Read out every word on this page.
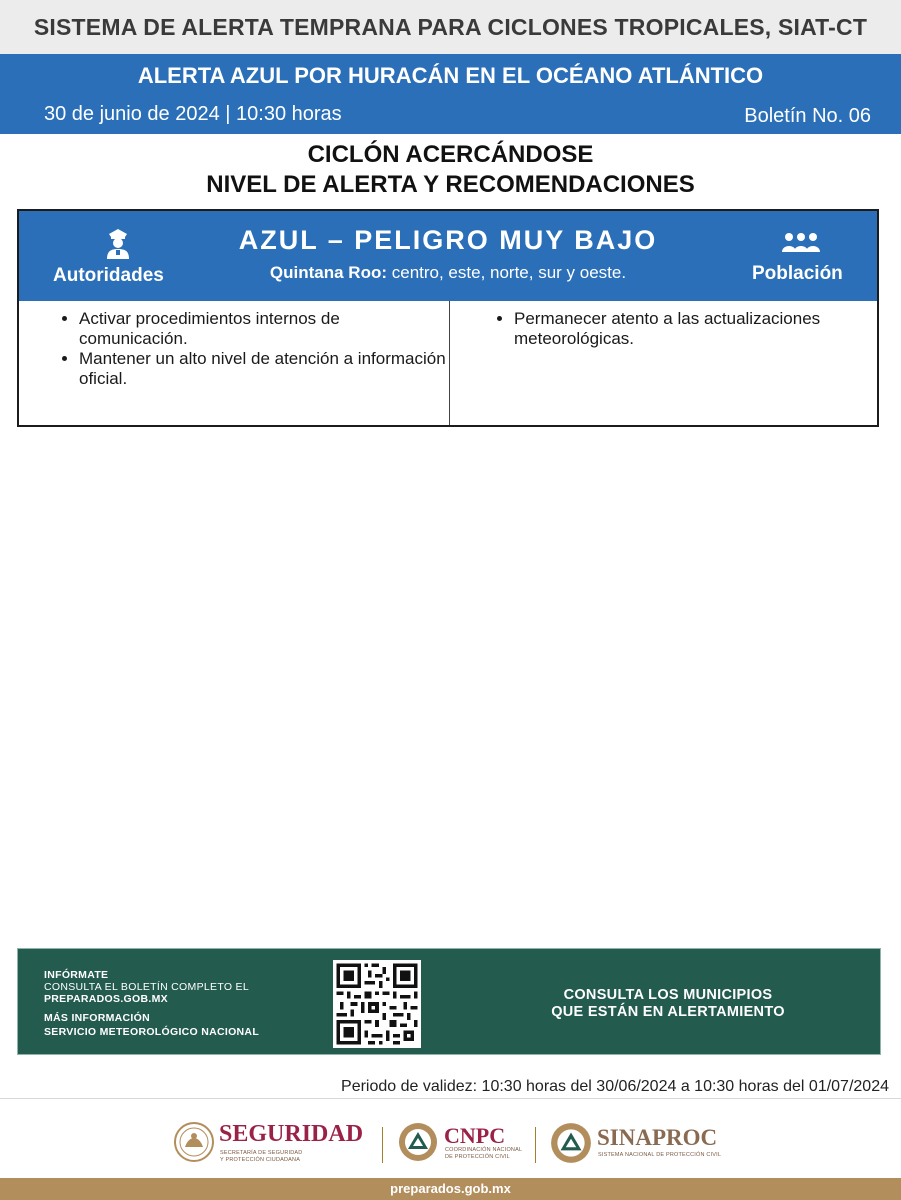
SISTEMA DE ALERTA TEMPRANA PARA CICLONES TROPICALES, SIAT-CT
ALERTA AZUL POR HURACÁN EN EL OCÉANO ATLÁNTICO
30 de junio de 2024 | 10:30 horas	Boletín No. 06
CICLÓN ACERCÁNDOSE
NIVEL DE ALERTA Y RECOMENDACIONES
Autoridades
AZUL – PELIGRO MUY BAJO
Quintana Roo: centro, este, norte, sur y oeste.	Población
• Activar procedimientos internos de comunicación.
• Mantener un alto nivel de atención a información oficial.
• Permanecer atento a las actualizaciones meteorológicas.
INFÓRMATE
CONSULTA EL BOLETÍN COMPLETO EL
PREPARADOS.GOB.MX
MÁS INFORMACIÓN
SERVICIO METEOROLÓGICO NACIONAL
CONSULTA LOS MUNICIPIOS
QUE ESTÁN EN ALERTAMIENTO
Periodo de validez: 10:30 horas del 30/06/2024 a 10:30 horas del 01/07/2024
SEGURIDAD
SECRETARÍA DE SEGURIDAD
Y PROTECCIÓN CIUDADANA
CNPC
COORDINACIÓN NACIONAL
DE PROTECCIÓN CIVIL
SINAPROC
SISTEMA NACIONAL DE PROTECCIÓN CIVIL
preparados.gob.mx
